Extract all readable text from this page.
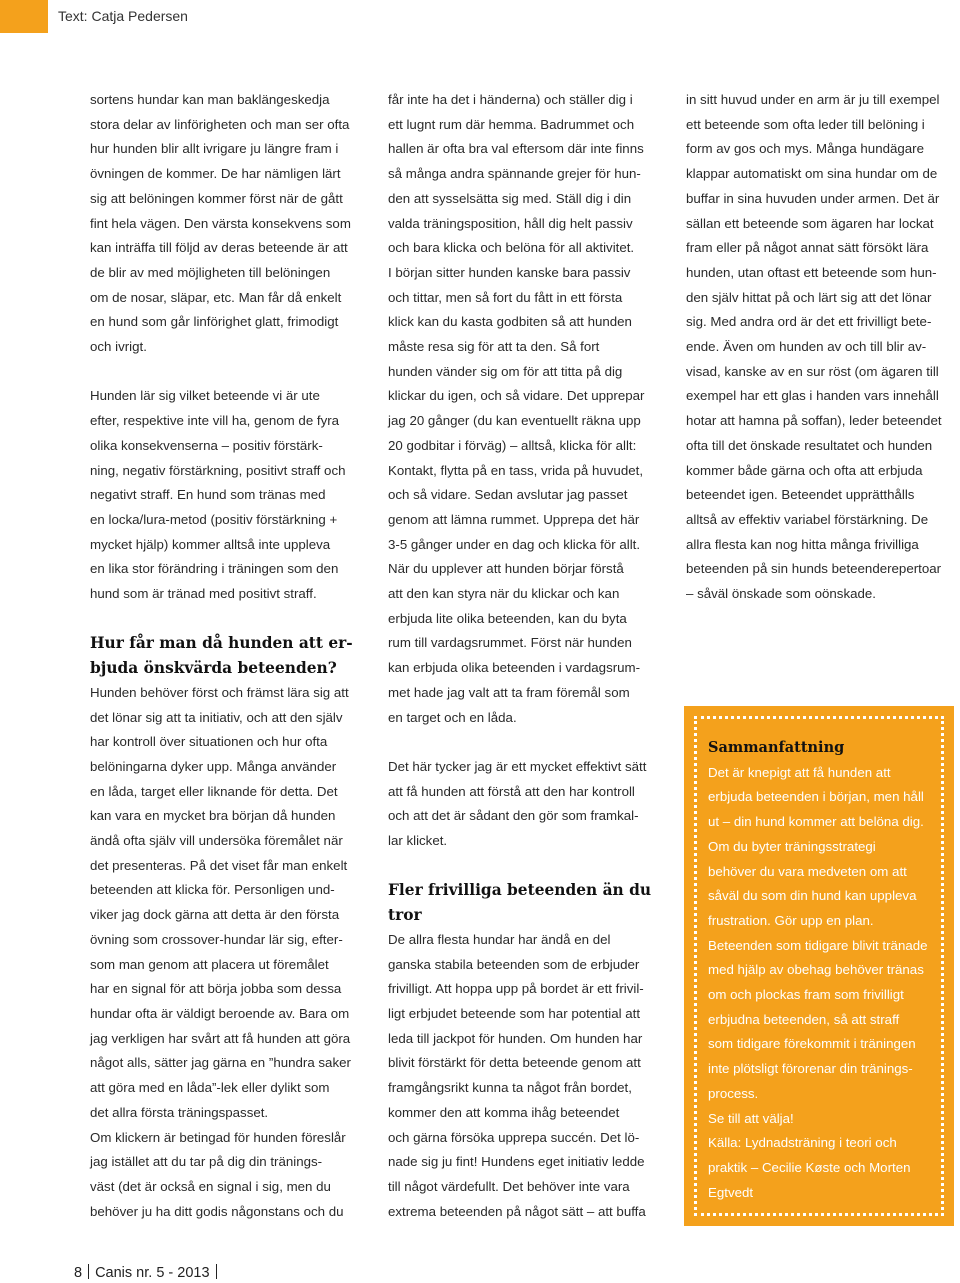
Text: Catja Pedersen

sortens hundar kan man baklängeskedja
stora delar av linförigheten och man ser ofta
hur hunden blir allt ivrigare ju längre fram i
övningen de kommer. De har nämligen lärt
sig att belöningen kommer först när de gått
fint hela vägen. Den värsta konsekvens som
kan inträffa till följd av deras beteende är att
de blir av med möjligheten till belöningen
om de nosar, släpar, etc. Man får då enkelt
en hund som går linförighet glatt, frimodigt
och ivrigt.

Hunden lär sig vilket beteende vi är ute
efter, respektive inte vill ha, genom de fyra
olika konsekvenserna – positiv förstärk-
ning, negativ förstärkning, positivt straff och
negativt straff. En hund som tränas med
en locka/lura-metod (positiv förstärkning +
mycket hjälp) kommer alltså inte uppleva
en lika stor förändring i träningen som den
hund som är tränad med positivt straff.

Hur får man då hunden att er-
bjuda önskvärda beteenden?

Hunden behöver först och främst lära sig att
det lönar sig att ta initiativ, och att den själv
har kontroll över situationen och hur ofta
belöningarna dyker upp. Många använder
en låda, target eller liknande för detta. Det
kan vara en mycket bra början då hunden
ändå ofta själv vill undersöka föremålet när
det presenteras. På det viset får man enkelt
beteenden att klicka för. Personligen und-
viker jag dock gärna att detta är den första
övning som crossover-hundar lär sig, efter-
som man genom att placera ut föremålet
har en signal för att börja jobba som dessa
hundar ofta är väldigt beroende av. Bara om
jag verkligen har svårt att få hunden att göra
något alls, sätter jag gärna en ”hundra saker
att göra med en låda”-lek eller dylikt som
det allra första träningspasset.
Om klickern är betingad för hunden föreslår
jag istället att du tar på dig din tränings-
väst (det är också en signal i sig, men du
behöver ju ha ditt godis någonstans och du

får inte ha det i händerna) och ställer dig i
ett lugnt rum där hemma. Badrummet och
hallen är ofta bra val eftersom där inte finns
så många andra spännande grejer för hun-
den att sysselsätta sig med. Ställ dig i din
valda träningsposition, håll dig helt passiv
och bara klicka och belöna för all aktivitet.
I början sitter hunden kanske bara passiv
och tittar, men så fort du fått in ett första
klick kan du kasta godbiten så att hunden
måste resa sig för att ta den. Så fort
hunden vänder sig om för att titta på dig
klickar du igen, och så vidare. Det upprepar
jag 20 gånger (du kan eventuellt räkna upp
20 godbitar i förväg) – alltså, klicka för allt:
Kontakt, flytta på en tass, vrida på huvudet,
och så vidare. Sedan avslutar jag passet
genom att lämna rummet. Upprepa det här
3-5 gånger under en dag och klicka för allt.
När du upplever att hunden börjar förstå
att den kan styra när du klickar och kan
erbjuda lite olika beteenden, kan du byta
rum till vardagsrummet. Först när hunden
kan erbjuda olika beteenden i vardagsrum-
met hade jag valt att ta fram föremål som
en target och en låda.

Det här tycker jag är ett mycket effektivt sätt
att få hunden att förstå att den har kontroll
och att det är sådant den gör som framkal-
lar klicket.

Fler frivilliga beteenden än du
tror

De allra flesta hundar har ändå en del
ganska stabila beteenden som de erbjuder
frivilligt. Att hoppa upp på bordet är ett frivil-
ligt erbjudet beteende som har potential att
leda till jackpot för hunden. Om hunden har
blivit förstärkt för detta beteende genom att
framgångsrikt kunna ta något från bordet,
kommer den att komma ihåg beteendet
och gärna försöka upprepa succén. Det lö-
nade sig ju fint! Hundens eget initiativ ledde
till något värdefullt. Det behöver inte vara
extrema beteenden på något sätt – att buffa

in sitt huvud under en arm är ju till exempel
ett beteende som ofta leder till belöning i
form av gos och mys. Många hundägare
klappar automatiskt om sina hundar om de
buffar in sina huvuden under armen. Det är
sällan ett beteende som ägaren har lockat
fram eller på något annat sätt försökt lära
hunden, utan oftast ett beteende som hun-
den själv hittat på och lärt sig att det lönar
sig. Med andra ord är det ett frivilligt bete-
ende. Även om hunden av och till blir av-
visad, kanske av en sur röst (om ägaren till
exempel har ett glas i handen vars innehåll
hotar att hamna på soffan), leder beteendet
ofta till det önskade resultatet och hunden
kommer både gärna och ofta att erbjuda
beteendet igen. Beteendet upprätthålls
alltså av effektiv variabel förstärkning. De
allra flesta kan nog hitta många frivilliga
beteenden på sin hunds beteenderepertoar
– såväl önskade som oönskade.

Sammanfattning
Det är knepigt att få hunden att
erbjuda beteenden i början, men håll
ut – din hund kommer att belöna dig.
Om du byter träningsstrategi
behöver du vara medveten om att
såväl du som din hund kan uppleva
frustration. Gör upp en plan.
Beteenden som tidigare blivit tränade
med hjälp av obehag behöver tränas
om och plockas fram som frivilligt
erbjudna beteenden, så att straff
som tidigare förekommit i träningen
inte plötsligt förorenar din tränings-
process.
Se till att välja!
Källa: Lydnadsträning i teori och
praktik – Cecilie Køste och Morten
Egtvedt
8 Canis nr. 5 - 2013
